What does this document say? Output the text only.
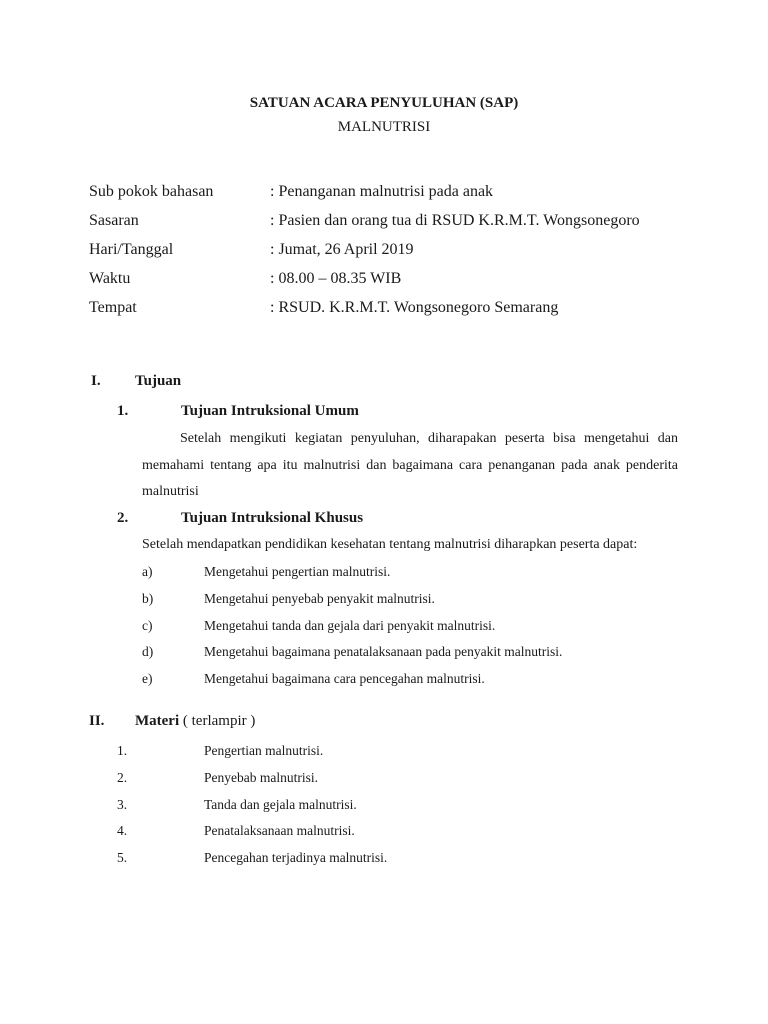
SATUAN ACARA PENYULUHAN (SAP)
MALNUTRISI
Sub pokok bahasan	: Penanganan malnutrisi pada anak
Sasaran	: Pasien dan orang tua di RSUD K.R.M.T. Wongsonegoro
Hari/Tanggal	: Jumat, 26 April 2019
Waktu	: 08.00 – 08.35 WIB
Tempat	: RSUD. K.R.M.T. Wongsonegoro Semarang
I. Tujuan
1.	Tujuan Intruksional Umum
Setelah mengikuti kegiatan penyuluhan, diharapakan peserta bisa mengetahui dan memahami tentang apa itu malnutrisi dan bagaimana cara penanganan pada anak penderita malnutrisi
2.	Tujuan Intruksional Khusus
Setelah mendapatkan pendidikan kesehatan tentang malnutrisi diharapkan peserta dapat:
a)	Mengetahui pengertian malnutrisi.
b)	Mengetahui penyebab penyakit malnutrisi.
c)	Mengetahui tanda dan gejala dari penyakit malnutrisi.
d)	Mengetahui bagaimana penatalaksanaan pada penyakit malnutrisi.
e)	Mengetahui bagaimana cara pencegahan malnutrisi.
II. Materi ( terlampir )
1.	Pengertian malnutrisi.
2.	Penyebab malnutrisi.
3.	Tanda dan gejala malnutrisi.
4.	Penatalaksanaan malnutrisi.
5.	Pencegahan terjadinya malnutrisi.
